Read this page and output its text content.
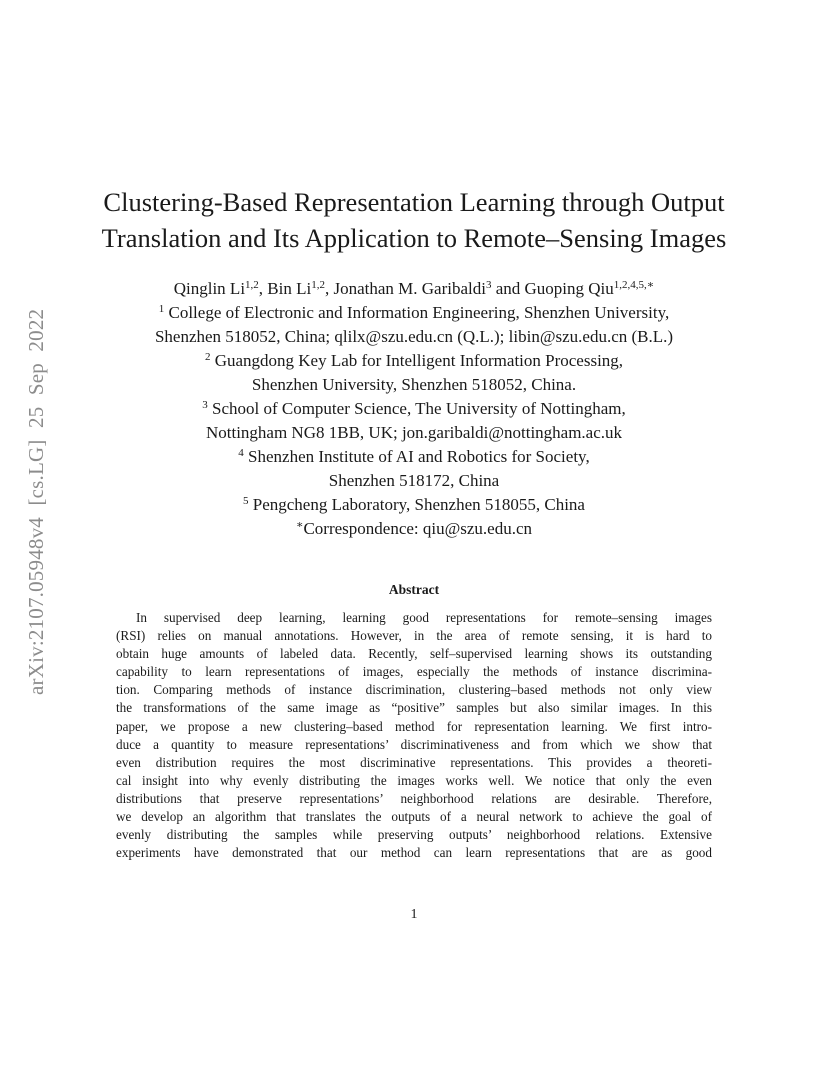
arXiv:2107.05948v4 [cs.LG] 25 Sep 2022
Clustering-Based Representation Learning through Output
Translation and Its Application to Remote–Sensing Images
Qinglin Li$^{1,2}$, Bin Li$^{1,2}$, Jonathan M. Garibaldi$^3$ and Guoping Qiu$^{1,2,4,5,∗}$
$^1$ College of Electronic and Information Engineering, Shenzhen University,
Shenzhen 518052, China; qlilx@szu.edu.cn (Q.L.); libin@szu.edu.cn (B.L.)
$^2$ Guangdong Key Lab for Intelligent Information Processing,
Shenzhen University, Shenzhen 518052, China.
$^3$ School of Computer Science, The University of Nottingham,
Nottingham NG8 1BB, UK; jon.garibaldi@nottingham.ac.uk
$^4$ Shenzhen Institute of AI and Robotics for Society,
Shenzhen 518172, China
$^5$ Pengcheng Laboratory, Shenzhen 518055, China
∗Correspondence: qiu@szu.edu.cn
Abstract
In supervised deep learning, learning good representations for remote–sensing images
(RSI) relies on manual annotations. However, in the area of remote sensing, it is hard to
obtain huge amounts of labeled data. Recently, self–supervised learning shows its outstanding
capability to learn representations of images, especially the methods of instance discrimina-
tion. Comparing methods of instance discrimination, clustering–based methods not only view
the transformations of the same image as “positive” samples but also similar images. In this
paper, we propose a new clustering–based method for representation learning. We first intro-
duce a quantity to measure representations’ discriminativeness and from which we show that
even distribution requires the most discriminative representations. This provides a theoreti-
cal insight into why evenly distributing the images works well. We notice that only the even
distributions that preserve representations’ neighborhood relations are desirable. Therefore,
we develop an algorithm that translates the outputs of a neural network to achieve the goal of
evenly distributing the samples while preserving outputs’ neighborhood relations. Extensive
experiments have demonstrated that our method can learn representations that are as good
1
